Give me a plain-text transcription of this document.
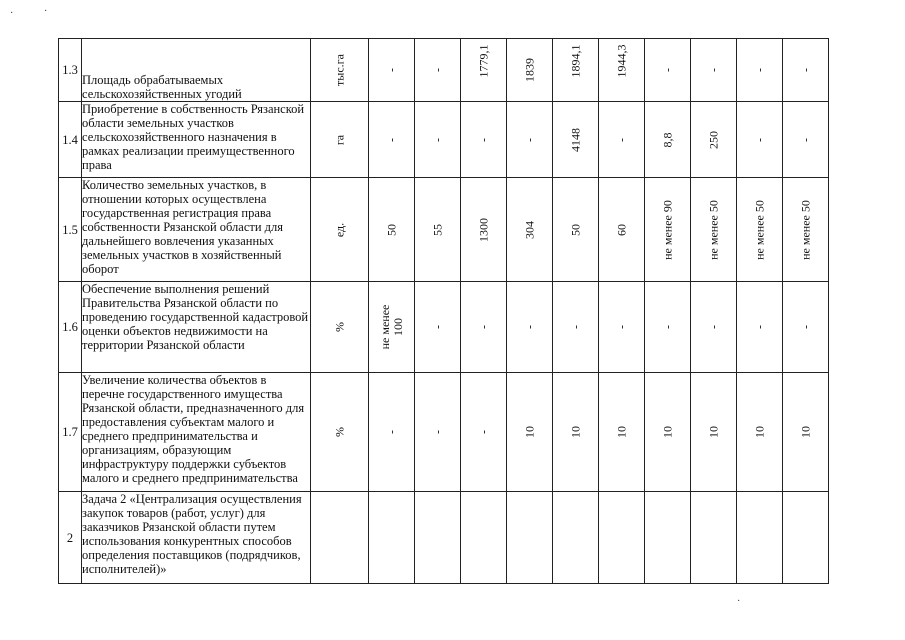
1.3	Площадь обрабатываемых сельскохозяйственных угодий	тыс.га	-	-	1779,1	1839	1894,1	1944,3	-	-	-	-

1.4	Приобретение в собственность Рязанской области земельных участков сельскохозяйственного назначения в рамках реализации преимущественного права	га	-	-	-	-	4148	-	8,8	250	-	-

1.5	Количество земельных участков, в отношении которых осуществлена государственная регистрация права собственности Рязанской области для дальнейшего вовлечения указанных земельных участков в хозяйственный оборот	ед.	50	55	1300	304	50	60	не менее 90	не менее 50	не менее 50	не менее 50

1.6	Обеспечение выполнения решений Правительства Рязанской области по проведению государственной кадастровой оценки объектов недвижимости на территории Рязанской области	%	не менее 100	-	-	-	-	-	-	-	-	-

1.7	Увеличение количества объектов в перечне государственного имущества Рязанской области, предназначенного для предоставления субъектам малого и среднего предпринимательства и организациям, образующим инфраструктуру поддержки субъектов малого и среднего предпринимательства	%	-	-	-	10	10	10	10	10	10	10

2	Задача 2 «Централизация осуществления закупок товаров (работ, услуг) для заказчиков Рязанской области путем использования конкурентных способов определения поставщиков (подрядчиков, исполнителей)»	

·	·
·
